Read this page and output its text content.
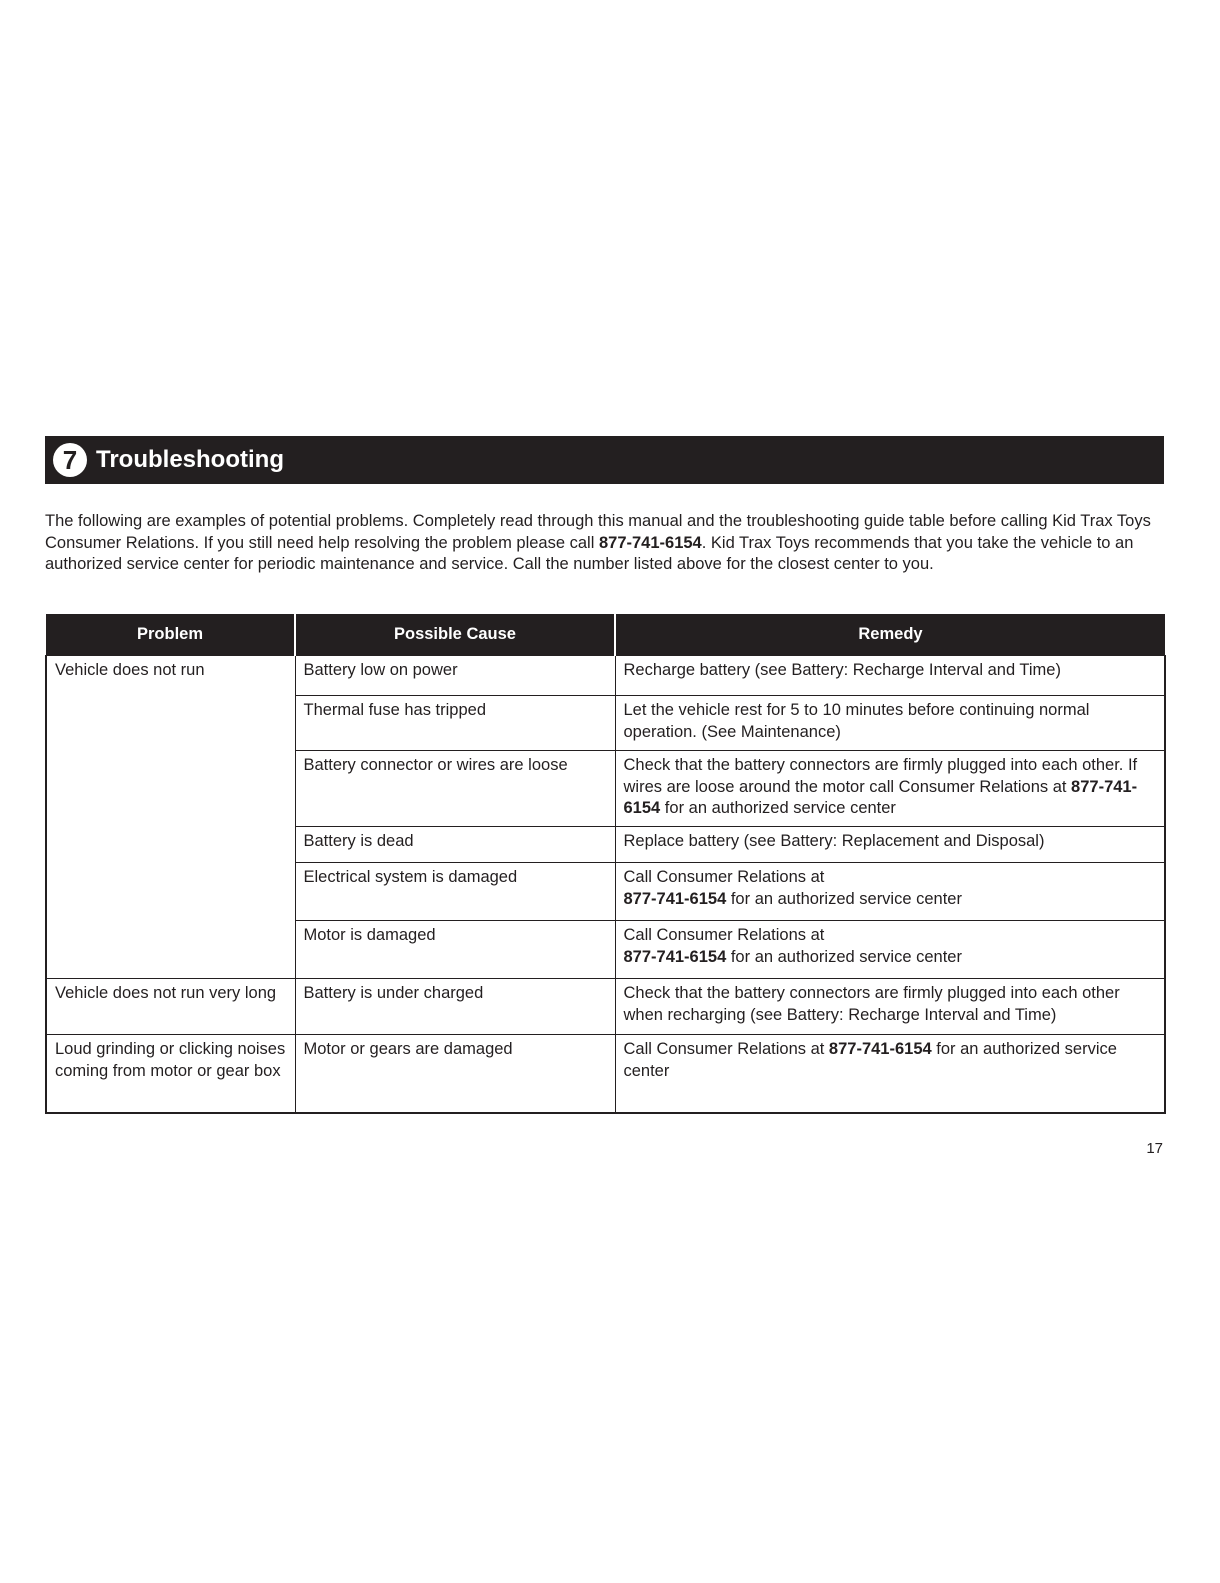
7 Troubleshooting

The following are examples of potential problems. Completely read through this manual and the troubleshooting guide table before calling Kid Trax Toys Consumer Relations. If you still need help resolving the problem please call 877-741-6154. Kid Trax Toys recommends that you take the vehicle to an authorized service center for periodic maintenance and service. Call the number listed above for the closest center to you.

Problem	Possible Cause	Remedy
Vehicle does not run	Battery low on power	Recharge battery (see Battery: Recharge Interval and Time)
	Thermal fuse has tripped	Let the vehicle rest for 5 to 10 minutes before continuing normal operation. (See Maintenance)
	Battery connector or wires are loose	Check that the battery connectors are firmly plugged into each other. If wires are loose around the motor call Consumer Relations at 877-741-6154 for an authorized service center
	Battery is dead	Replace battery (see Battery: Replacement and Disposal)
	Electrical system is damaged	Call Consumer Relations at
877-741-6154 for an authorized service center
	Motor is damaged	Call Consumer Relations at
877-741-6154 for an authorized service center
Vehicle does not run very long	Battery is under charged	Check that the battery connectors are firmly plugged into each other when recharging (see Battery: Recharge Interval and Time)
Loud grinding or clicking noises coming from motor or gear box	Motor or gears are damaged	Call Consumer Relations at 877-741-6154 for an authorized service center
17
